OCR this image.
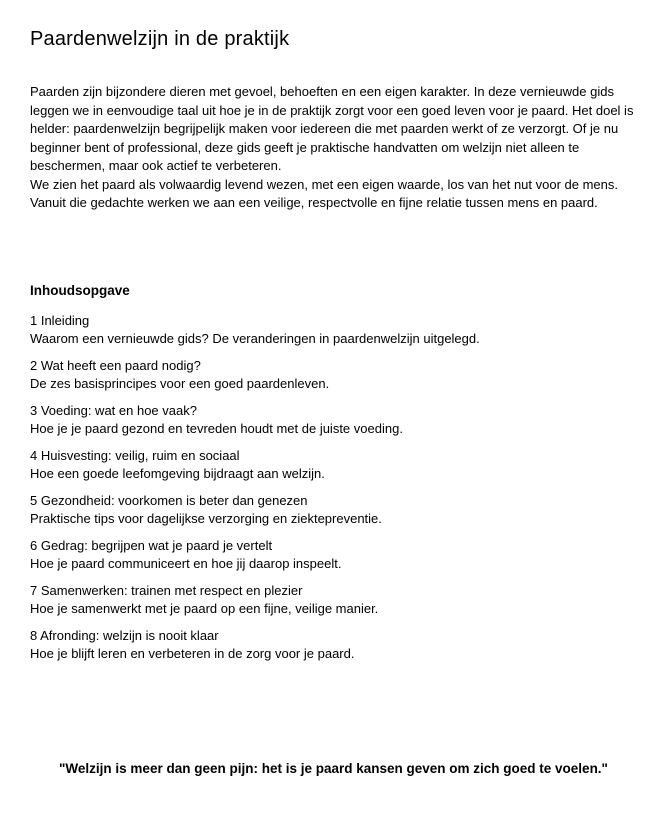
Paardenwelzijn in de praktijk

Paarden zijn bijzondere dieren met gevoel, behoeften en een eigen karakter. In deze vernieuwde gids leggen we in eenvoudige taal uit hoe je in de praktijk zorgt voor een goed leven voor je paard. Het doel is helder: paardenwelzijn begrijpelijk maken voor iedereen die met paarden werkt of ze verzorgt. Of je nu beginner bent of professional, deze gids geeft je praktische handvatten om welzijn niet alleen te beschermen, maar ook actief te verbeteren.

We zien het paard als volwaardig levend wezen, met een eigen waarde, los van het nut voor de mens. Vanuit die gedachte werken we aan een veilige, respectvolle en fijne relatie tussen mens en paard.

Inhoudsopgave
1 Inleiding
Waarom een vernieuwde gids? De veranderingen in paardenwelzijn uitgelegd.
2 Wat heeft een paard nodig?
De zes basisprincipes voor een goed paardenleven.
3 Voeding: wat en hoe vaak?
Hoe je je paard gezond en tevreden houdt met de juiste voeding.
4 Huisvesting: veilig, ruim en sociaal
Hoe een goede leefomgeving bijdraagt aan welzijn.
5 Gezondheid: voorkomen is beter dan genezen
Praktische tips voor dagelijkse verzorging en ziektepreventie.
6 Gedrag: begrijpen wat je paard je vertelt
Hoe je paard communiceert en hoe jij daarop inspeelt.
7 Samenwerken: trainen met respect en plezier
Hoe je samenwerkt met je paard op een fijne, veilige manier.
8 Afronding: welzijn is nooit klaar
Hoe je blijft leren en verbeteren in de zorg voor je paard.
"Welzijn is meer dan geen pijn: het is je paard kansen geven om zich goed te voelen."
